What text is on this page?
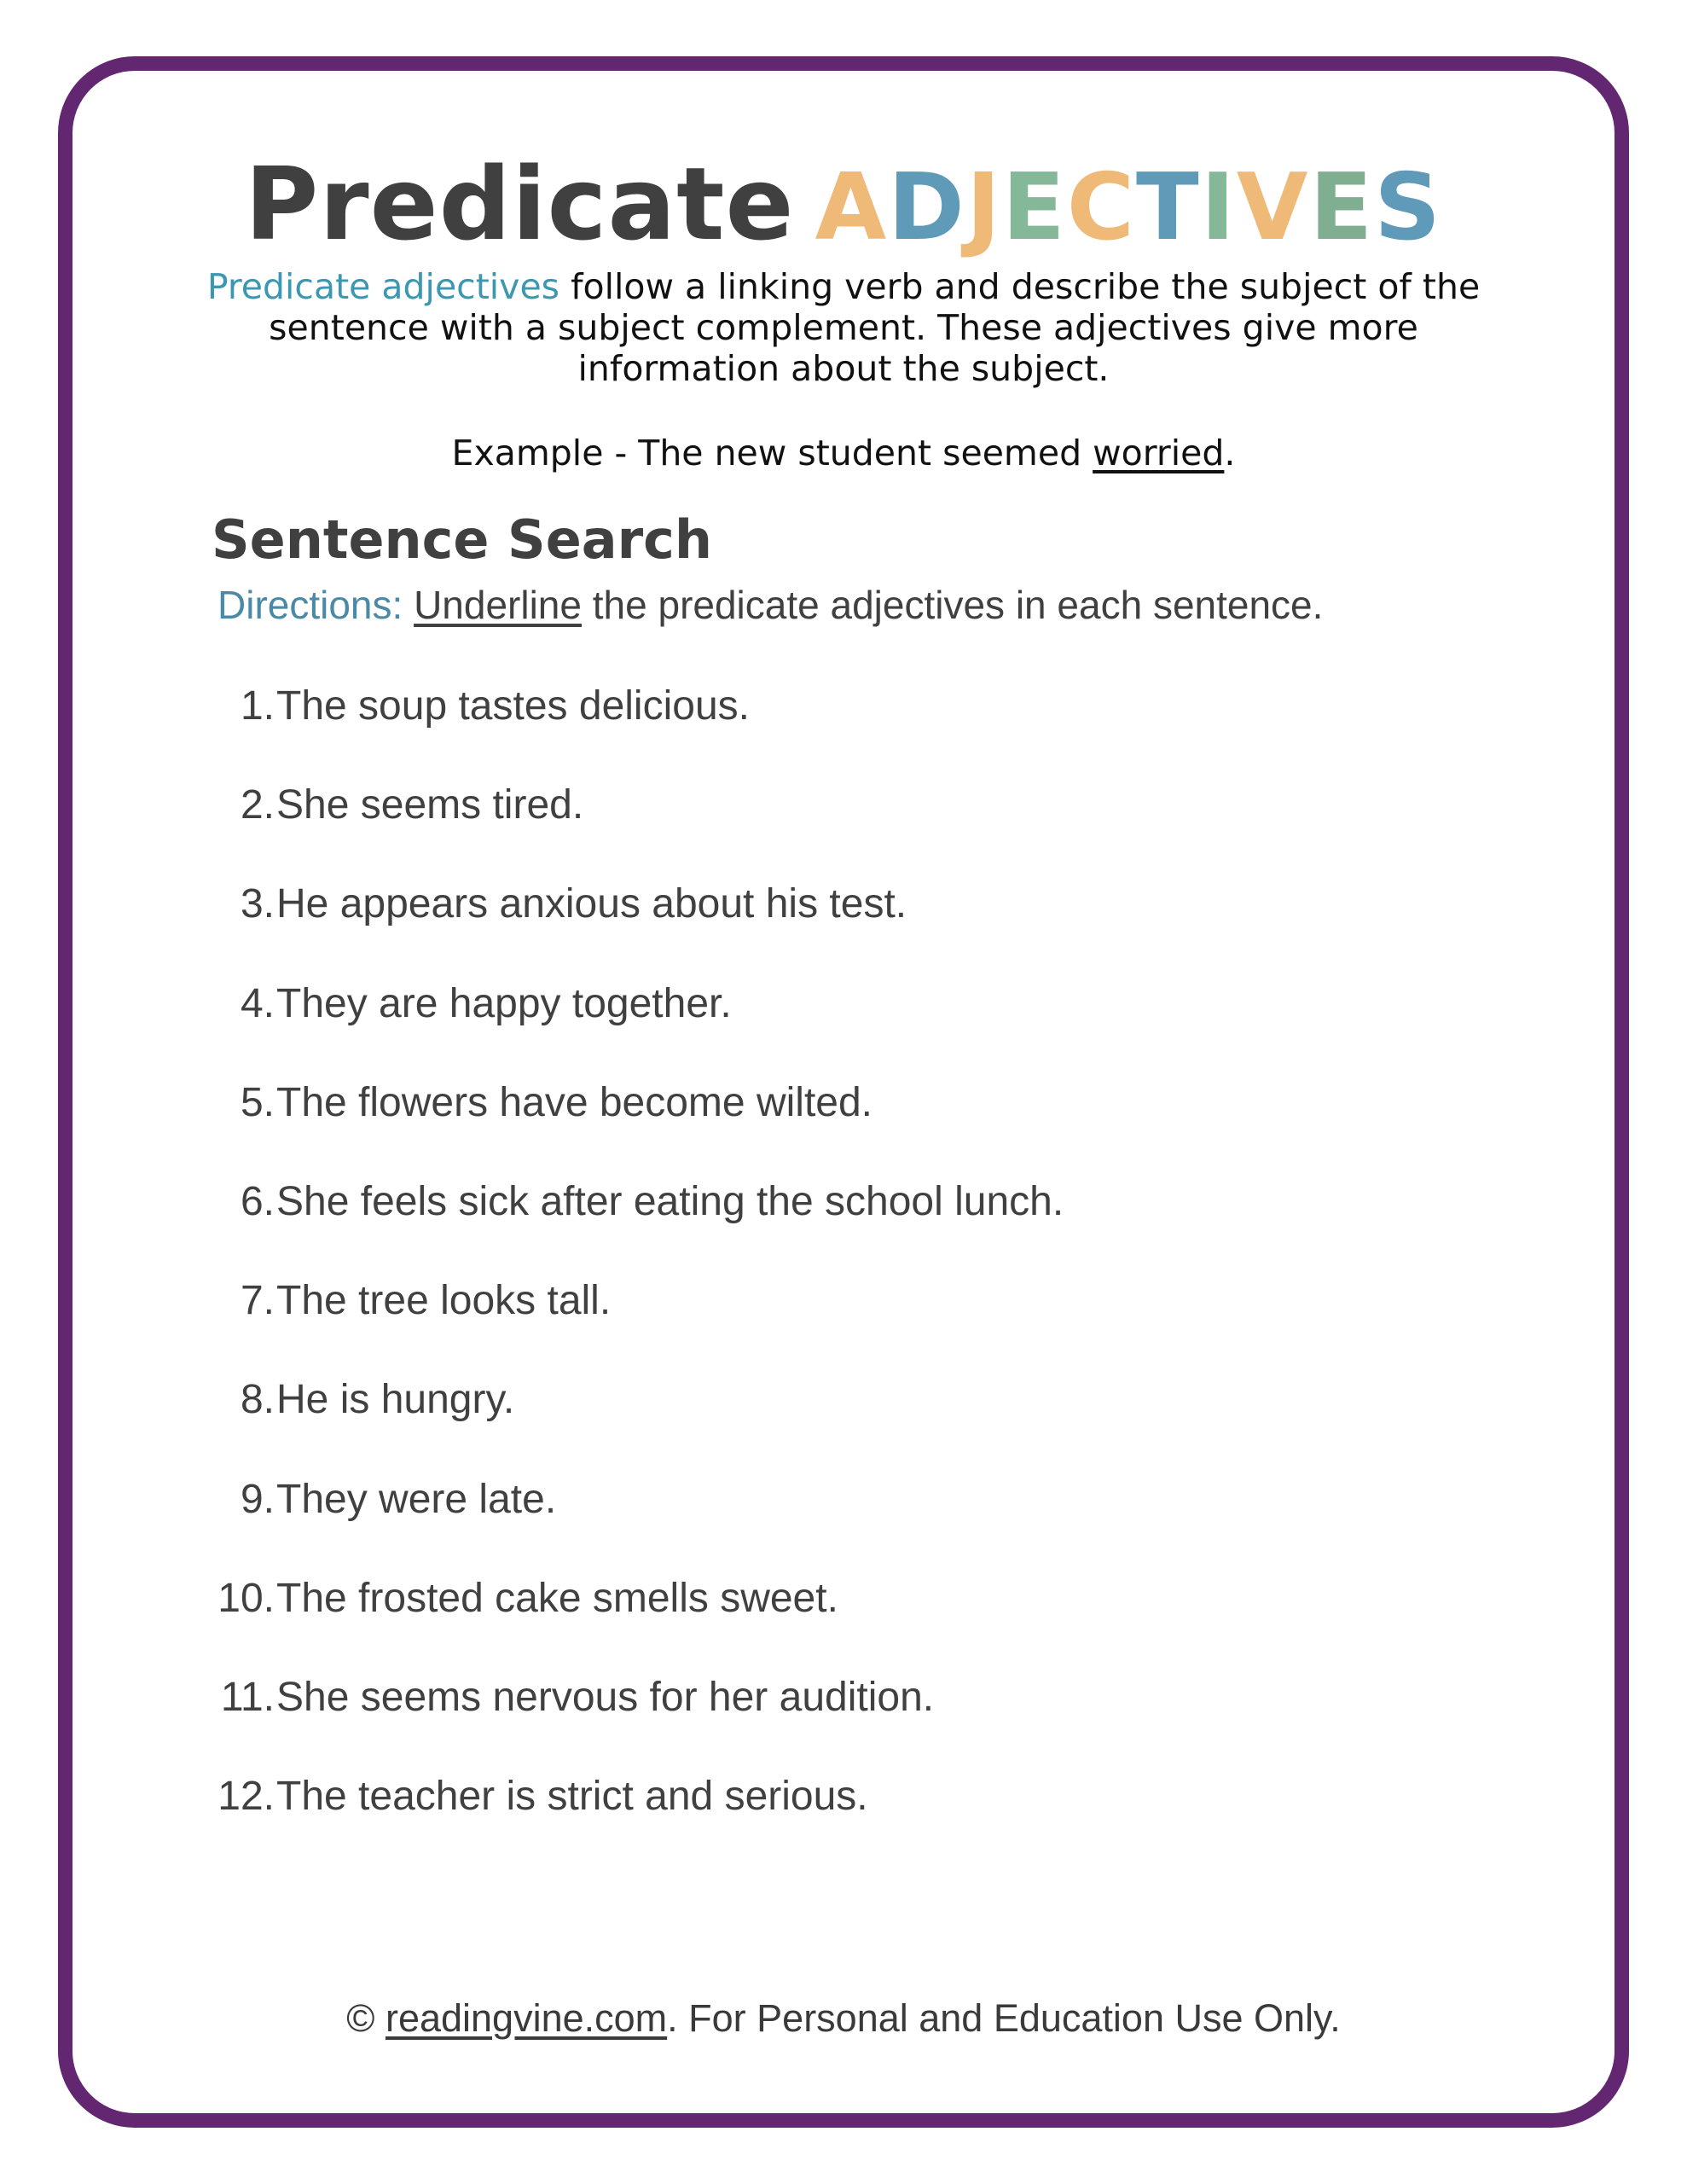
Predicate ADJECTIVES
Predicate adjectives follow a linking verb and describe the subject of the sentence with a subject complement. These adjectives give more information about the subject.
Example - The new student seemed worried.
Sentence Search
Directions: Underline the predicate adjectives in each sentence.
1. The soup tastes delicious.
2. She seems tired.
3. He appears anxious about his test.
4. They are happy together.
5. The flowers have become wilted.
6. She feels sick after eating the school lunch.
7. The tree looks tall.
8. He is hungry.
9. They were late.
10. The frosted cake smells sweet.
11. She seems nervous for her audition.
12. The teacher is strict and serious.
© readingvine.com. For Personal and Education Use Only.
